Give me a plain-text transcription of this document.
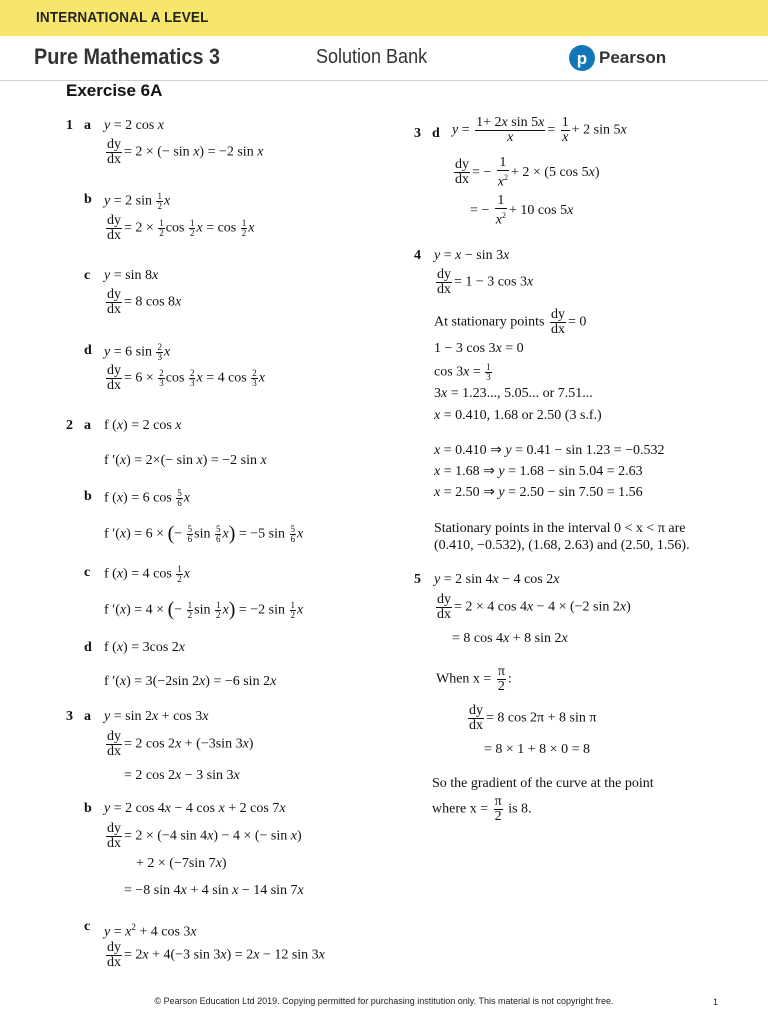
INTERNATIONAL A LEVEL
Pure Mathematics 3	Solution Bank	p Pearson
Exercise 6A
1 a y = 2 cos x
$\frac{dy}{dx} = 2$ × (− sin x) = −2 sin x
b y = 2 $\sin \frac{1}{2}$ x
$\frac{dy}{dx} = 2 \times \frac{1}{2}$ $\cos \frac{1}{2}$ $x = \cos \frac{1}{2}$ x
c y = sin 8x
$\frac{dy}{dx} = 8$ cos 8x
d y = 6 $\sin \frac{2}{3}$ x
$\frac{dy}{dx} = 6 \times \frac{2}{3}$ $\cos \frac{2}{3}$ x = 4 $\cos \frac{2}{3}$ x
2 a f (x) = 2 cos x
f ′(x) = 2×(− sin x) = −2 sin x
b f (x) = 6 $\cos \frac{5}{6}$ x
f ′(x) = 6 × (− $\frac{5}{6}$ $\sin \frac{5}{6} x) = -5$ $\sin \frac{5}{6}$ x
c f (x) = 4 $\cos \frac{1}{2}$ x
f ′(x) = 4 × (− $\frac{1}{2}$ $\sin \frac{1}{2} x) = -2$ $\sin \frac{1}{2}$ x
d f (x) = 3cos 2x
f ′(x) = 3(−2sin 2x) = −6 sin 2x
3 a y = sin 2x + cos 3x
$\frac{dy}{dx} = 2$ cos 2x + (−3sin 3x)
= 2 cos 2x − 3 sin 3x
b y = 2 cos 4x − 4 cos x + 2 cos 7x
$\frac{dy}{dx} = 2 \times (-4$ sin 4x) − 4 × (− sin x)
+ 2 × (−7sin 7x)
= −8 sin 4x + 4 sin x − 14 sin 7x
c $y = x^2 + 4$ cos 3x
$\frac{dy}{dx} = 2x + 4(-3$ sin 3x) = 2x − 12 sin 3x
3 d $y = \frac{\text{1+ 2x sin 5x}}{x} = \frac{1}{x} + 2$ sin 5x
$\frac{dy}{dx}$ = − $\frac{1}{x^2} + 2 \times (5$ cos 5x)
= − $\frac{1}{x^2} + 10$ cos 5x
4 y = x − sin 3x
$\frac{dy}{dx} = 1 - 3$ cos 3x
At stationary points $\frac{dy}{dx} = 0$
1 − 3 cos 3x = 0
$\cos 3x = \frac{1}{3}$
3x = 1.23..., 5.05... or 7.51...
x = 0.410, 1.68 or 2.50 (3 s.f.)
x = 0.410 ⇒ y = 0.41 − sin 1.23 = −0.532
x = 1.68 ⇒ y = 1.68 − sin 5.04 = 2.63
x = 2.50 ⇒ y = 2.50 − sin 7.50 = 1.56
Stationary points in the interval 0 < x < π are
(0.410, −0.532), (1.68, 2.63) and (2.50, 1.56).
5 y = 2 sin 4x − 4 cos 2x
$\frac{dy}{dx} = 2 \times 4$ cos 4x − 4 × (−2 sin 2x)
= 8 cos 4x + 8 sin 2x
When $x = \frac{\pi}{2}$ :
$\frac{dy}{dx} = 8$ cos 2π + 8 sin π
= 8 × 1 + 8 × 0 = 8
So the gradient of the curve at the point
where $x = \frac{\pi}{2}$ is 8.
© Pearson Education Ltd 2019. Copying permitted for purchasing institution only. This material is not copyright free.	1
